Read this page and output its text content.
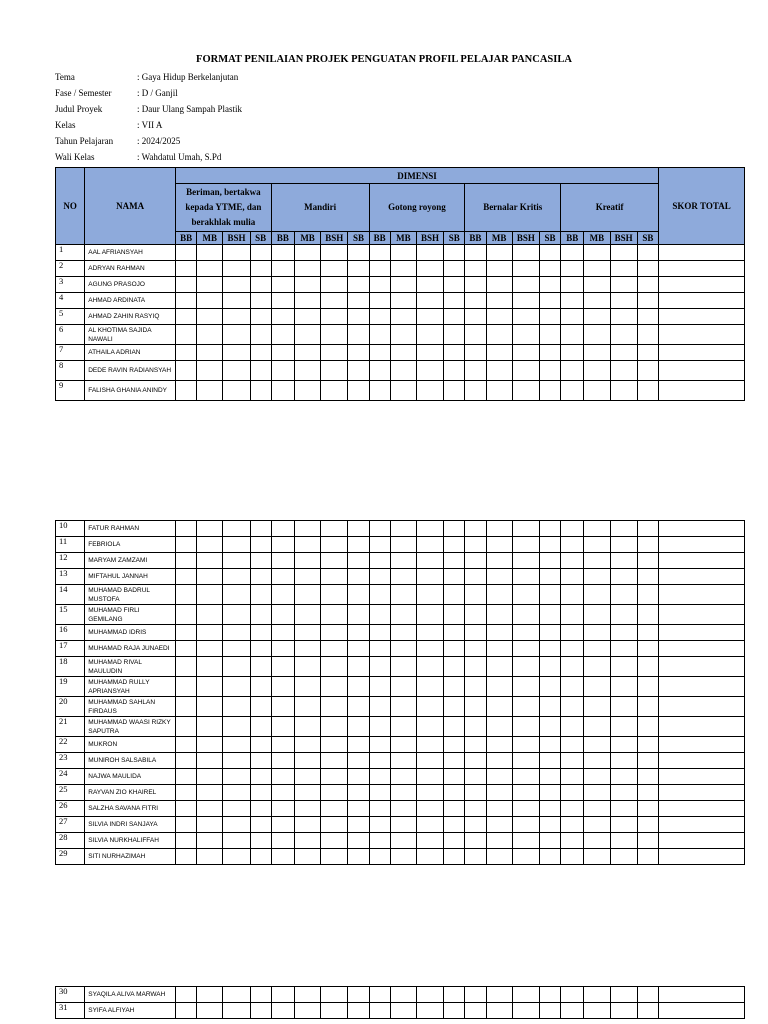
FORMAT PENILAIAN PROJEK PENGUATAN PROFIL PELAJAR PANCASILA
Tema	: Gaya Hidup Berkelanjutan
Fase / Semester	: D / Ganjil
Judul Proyek	: Daur Ulang Sampah Plastik
Kelas	: VII A
Tahun Pelajaran	: 2024/2025
Wali Kelas	: Wahdatul Umah, S.Pd
NO	NAMA	DIMENSI																				SKOR TOTAL
		Beriman, bertakwa kepada YTME, dan berakhlak mulia				Mandiri				Gotong royong				Bernalar Kritis				Kreatif				
		BB	MB	BSH	SB	BB	MB	BSH	SB	BB	MB	BSH	SB	BB	MB	BSH	SB	BB	MB	BSH	SB	
1	AAL AFRIANSYAH																					
2	ADRYAN RAHMAN																					
3	AGUNG PRASOJO																					
4	AHMAD ARDINATA																					
5	AHMAD ZAHIN RASYIQ																					
6	AL KHOTIMA SAJIDA NAWALI																					
7	ATHAILA ADRIAN																					
8	DEDE RAVIN RADIANSYAH																					
9	FALISHA GHANIA ANINDY																					
10	FATUR RAHMAN																					
11	FEBRIOLA																					
12	MARYAM ZAMZAMI																					
13	MIFTAHUL JANNAH																					
14	MUHAMAD BADRUL MUSTOFA																					
15	MUHAMAD FIRLI GEMILANG																					
16	MUHAMMAD IDRIS																					
17	MUHAMAD RAJA JUNAEDI																					
18	MUHAMAD RIVAL MAULUDIN																					
19	MUHAMMAD RULLY APRIANSYAH																					
20	MUHAMMAD SAHLAN FIRDAUS																					
21	MUHAMMAD WAASI RIZKY SAPUTRA																					
22	MUKRON																					
23	MUNIROH SALSABILA																					
24	NAJWA MAULIDA																					
25	RAYVAN ZIO KHAIREL																					
26	SALZHA SAVANA FITRI																					
27	SILVIA INDRI SANJAYA																					
28	SILVIA NURKHALIFFAH																					
29	SITI NURHAZIMAH																					
30	SYAQILA ALIVA MARWAH																					
31	SYIFA ALFIYAH																					
